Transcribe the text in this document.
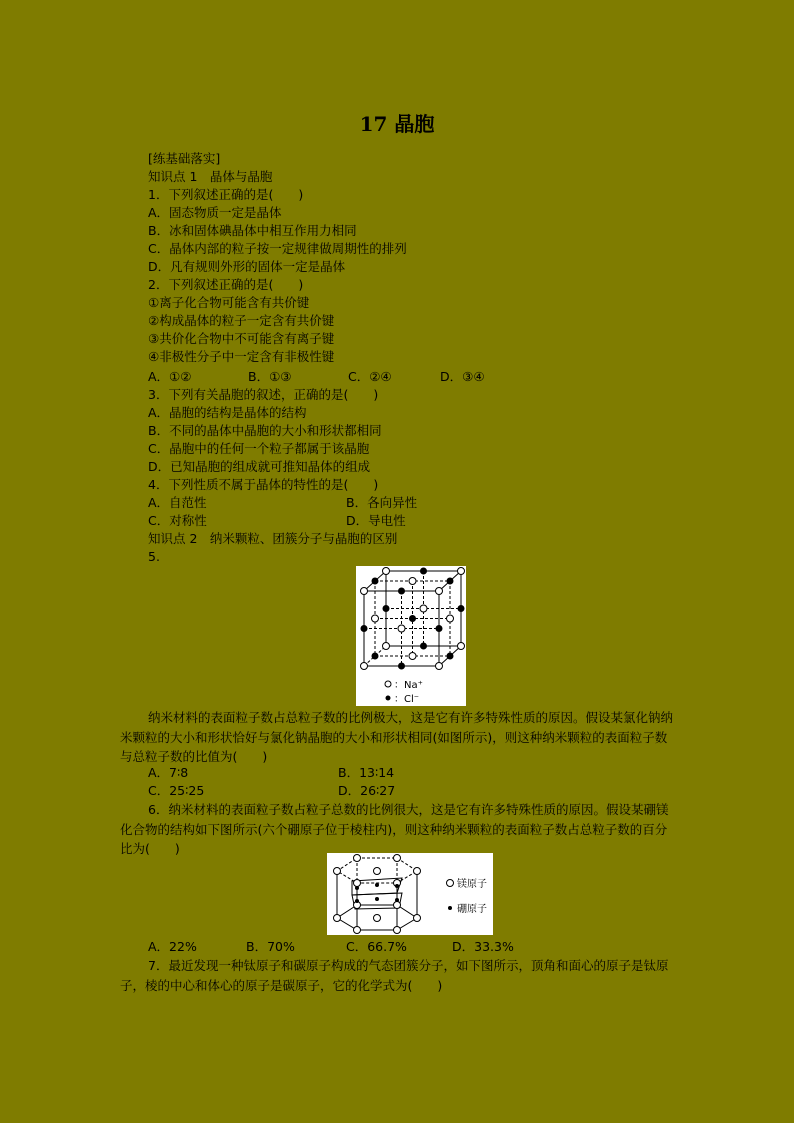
17 晶胞
[练基础落实]
知识点 1　晶体与晶胞
1．下列叙述正确的是(　　)
A．固态物质一定是晶体
B．冰和固体碘晶体中相互作用力相同
C．晶体内部的粒子按一定规律做周期性的排列
D．凡有规则外形的固体一定是晶体
2．下列叙述正确的是(　　)
①离子化合物可能含有共价键
②构成晶体的粒子一定含有共价键
③共价化合物中不可能含有离子键
④非极性分子中一定含有非极性键
A．①②	B．①③	C．②④	D．③④
3．下列有关晶胞的叙述，正确的是(　　)
A．晶胞的结构是晶体的结构
B．不同的晶体中晶胞的大小和形状都相同
C．晶胞中的任何一个粒子都属于该晶胞
D．已知晶胞的组成就可推知晶体的组成
4．下列性质不属于晶体的特性的是(　　)
A．自范性	B．各向异性
C．对称性	D．导电性
知识点 2　纳米颗粒、团簇分子与晶胞的区别
5.
：Na⁺
：Cl⁻
纳米材料的表面粒子数占总粒子数的比例极大，这是它有许多特殊性质的原因。假设某氯化钠纳米颗粒的大小和形状恰好与氯化钠晶胞的大小和形状相同(如图所示)，则这种纳米颗粒的表面粒子数与总粒子数的比值为(　　)
A．7∶8	B．13∶14
C．25∶25	D．26∶27
6．纳米材料的表面粒子数占粒子总数的比例很大，这是它有许多特殊性质的原因。假设某硼镁化合物的结构如下图所示(六个硼原子位于棱柱内)，则这种纳米颗粒的表面粒子数占总粒子数的百分比为(　　)
镁原子
硼原子
A．22%	B．70%	C．66.7%	D．33.3%
7．最近发现一种钛原子和碳原子构成的气态团簇分子，如下图所示，顶角和面心的原子是钛原子，棱的中心和体心的原子是碳原子，它的化学式为(　　)
